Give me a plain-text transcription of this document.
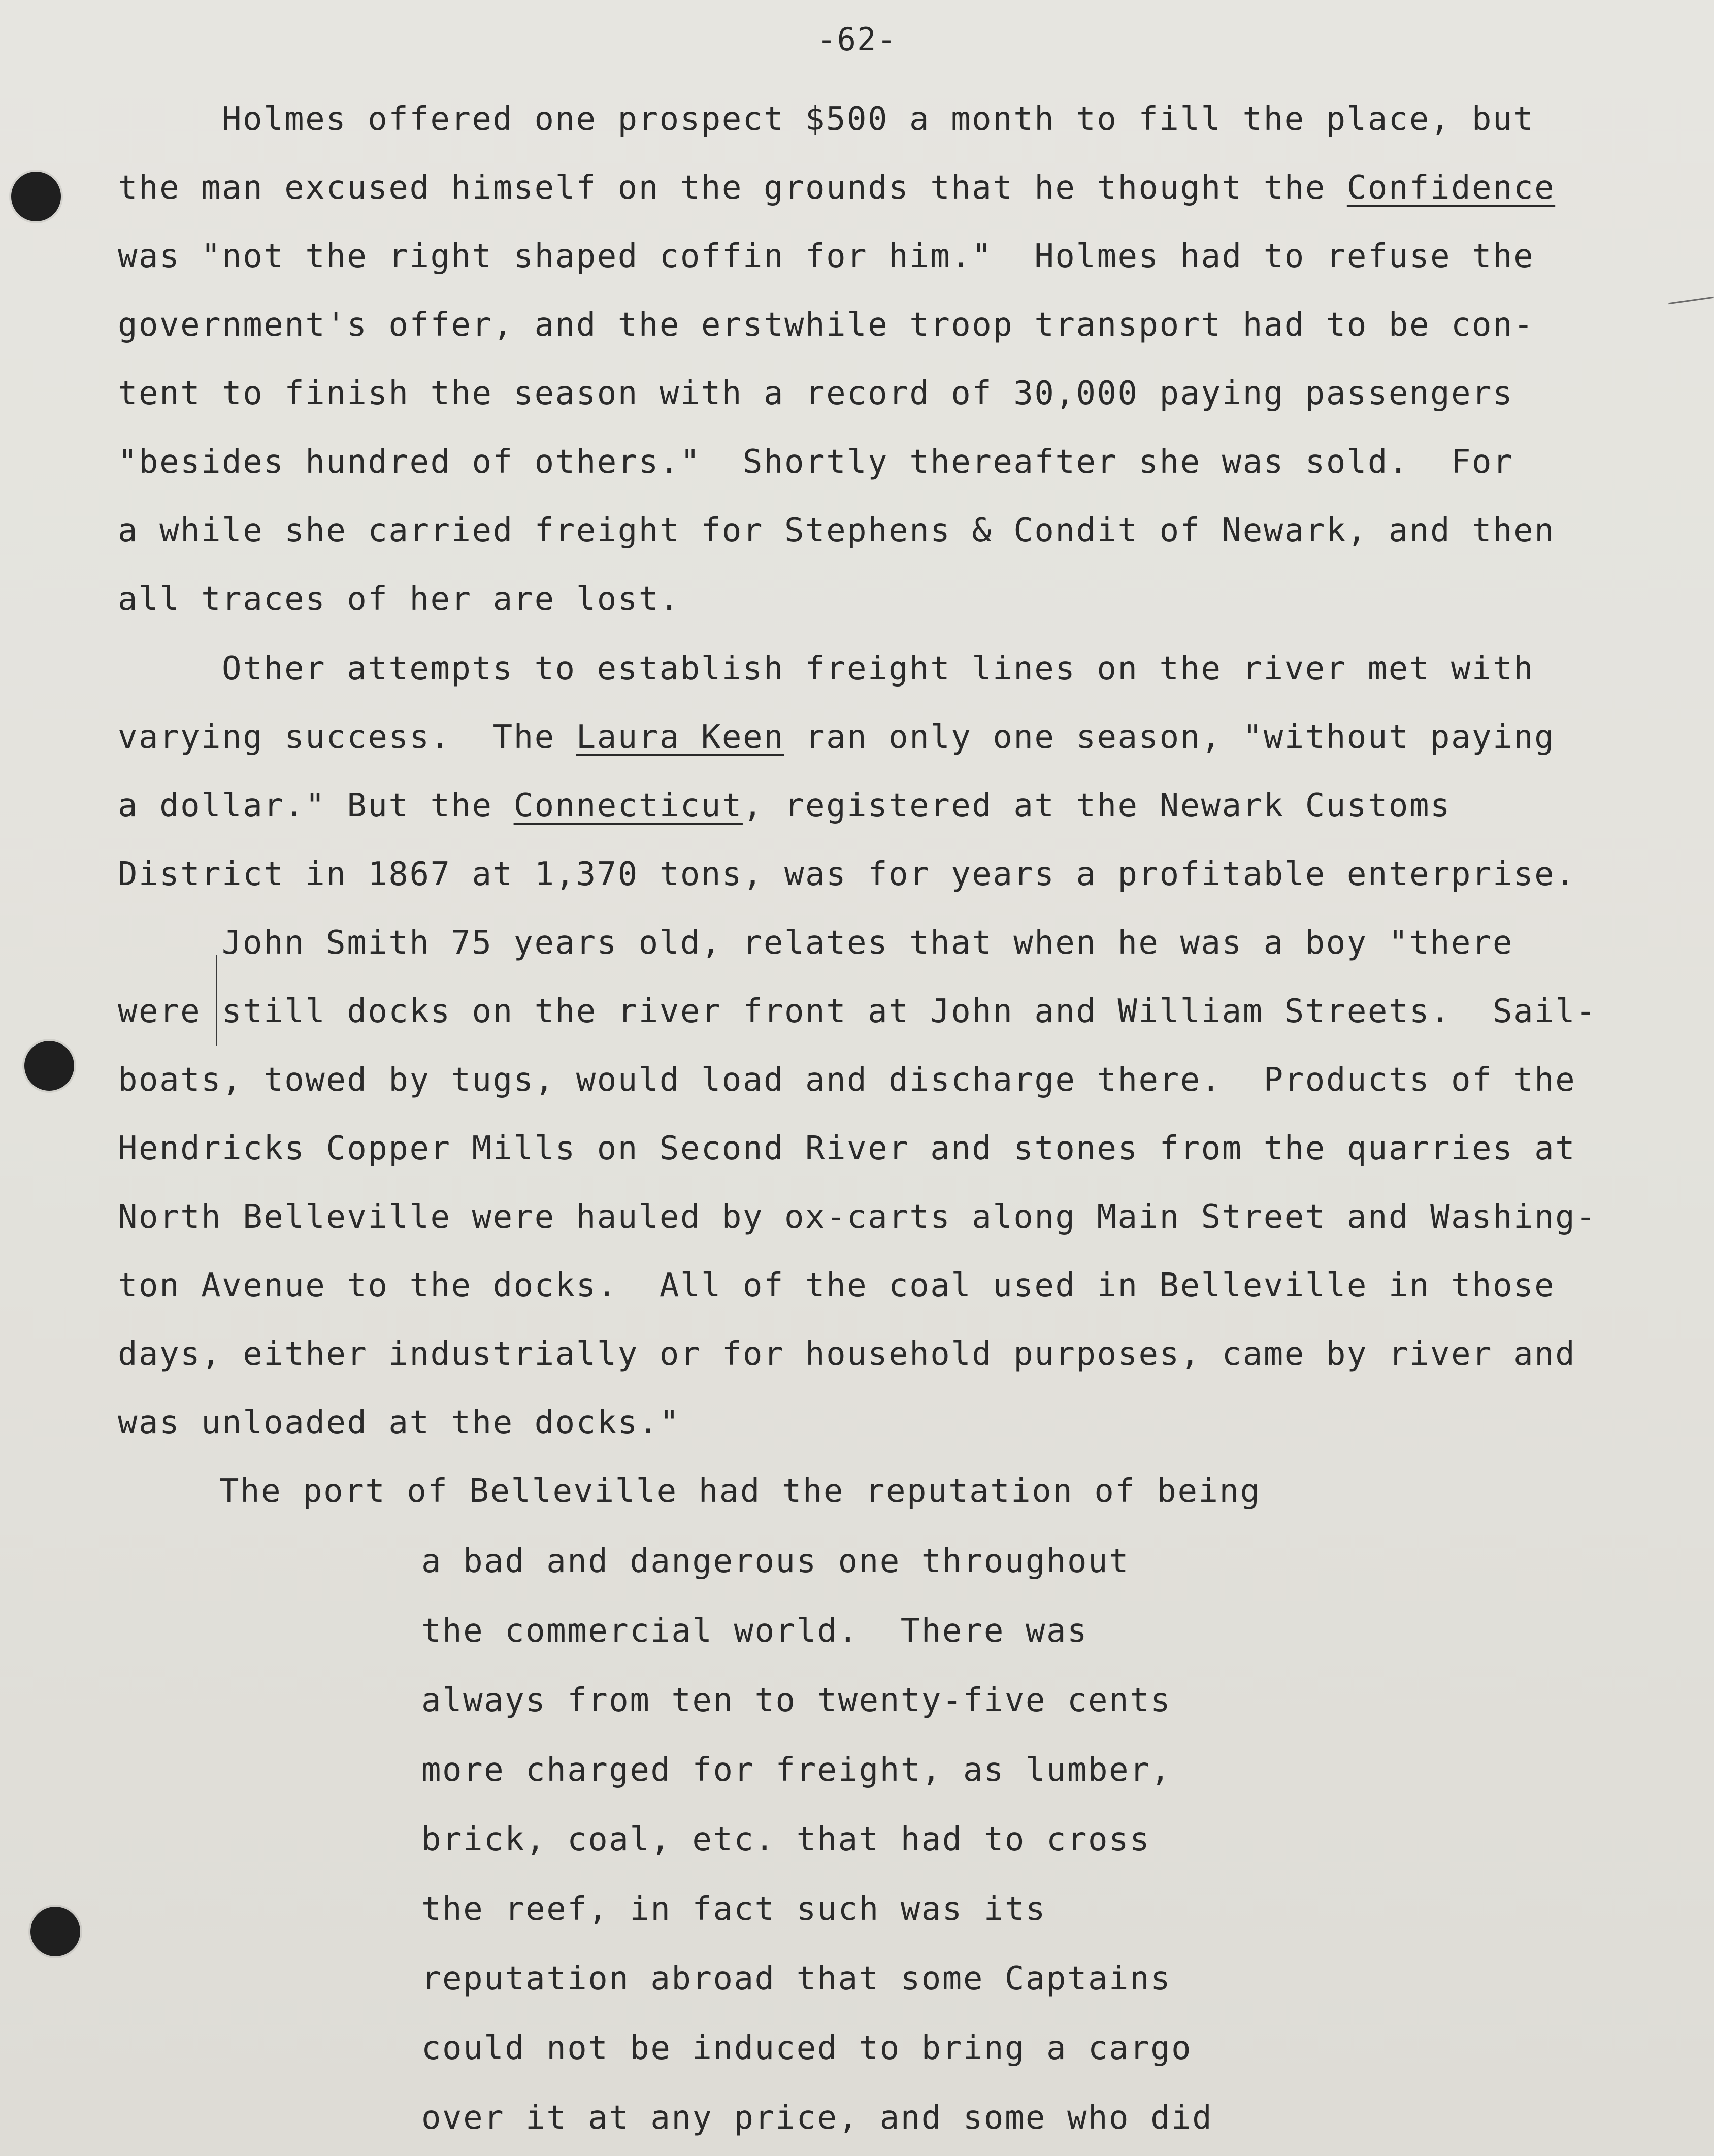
-62-
Holmes offered one prospect $500 a month to fill the place, but
the man excused himself on the grounds that he thought the Confidence
was "not the right shaped coffin for him."  Holmes had to refuse the
government's offer, and the erstwhile troop transport had to be con-
tent to finish the season with a record of 30,000 paying passengers
"besides hundred of others."  Shortly thereafter she was sold.  For
a while she carried freight for Stephens & Condit of Newark, and then
all traces of her are lost.
Other attempts to establish freight lines on the river met with
varying success.  The Laura Keen ran only one season, "without paying
a dollar." But the Connecticut, registered at the Newark Customs
District in 1867 at 1,370 tons, was for years a profitable enterprise.
John Smith 75 years old, relates that when he was a boy "there
were still docks on the river front at John and William Streets.  Sail-
boats, towed by tugs, would load and discharge there.  Products of the
Hendricks Copper Mills on Second River and stones from the quarries at
North Belleville were hauled by ox-carts along Main Street and Washing-
ton Avenue to the docks.  All of the coal used in Belleville in those
days, either industrially or for household purposes, came by river and
was unloaded at the docks."
The port of Belleville had the reputation of being
a bad and dangerous one throughout
the commercial world.  There was
always from ten to twenty-five cents
more charged for freight, as lumber,
brick, coal, etc. that had to cross
the reef, in fact such was its
reputation abroad that some Captains
could not be induced to bring a cargo
over it at any price, and some who did
